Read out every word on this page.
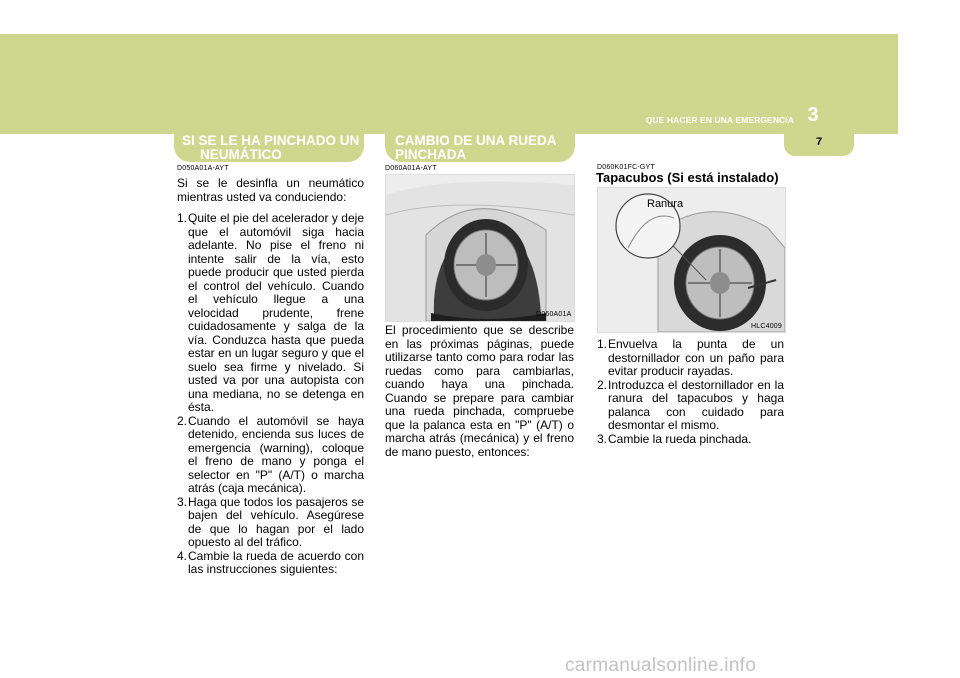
3
QUE HACER EN UNA EMERGENCIA
7
SI SE LE HA PINCHADO UN
NEUMÁTICO
D050A01A-AYT

Si se le desinfla un neumático mientras usted va conduciendo:

1. Quite el pie del acelerador y deje que el automóvil siga hacia adelante. No pise el freno ni intente salir de la vía, esto puede producir que usted pierda el control del vehículo. Cuando el vehículo llegue a una velocidad prudente, frene cuidadosamente y salga de la vía. Conduzca hasta que pueda estar en un lugar seguro y que el suelo sea firme y nivelado. Si usted va por una autopista con una mediana, no se detenga en ésta.
2. Cuando el automóvil se haya detenido, encienda sus luces de emergencia (warning), coloque el freno de mano y ponga el selector en "P" (A/T) o marcha atrás (caja mecánica).
3. Haga que todos los pasajeros se bajen del vehículo. Asegúrese de que lo hagan por el lado opuesto al del tráfico.
4. Cambie la rueda de acuerdo con las instrucciones siguientes:
CAMBIO DE UNA RUEDA
PINCHADA
D060A01A-AYT
D060A01A

El procedimiento que se describe en las próximas páginas, puede utilizarse tanto como para rodar las ruedas como para cambiarlas, cuando haya una pinchada. Cuando se prepare para cambiar una rueda pinchada, compruebe que la palanca esta en "P" (A/T) o marcha atrás (mecánica) y el freno de mano puesto, entonces:

D060K01FC-GYT
Tapacubos (Si está instalado)
Ranura
HLC4009
1. Envuelva la punta de un destornillador con un paño para evitar producir rayadas.
2. Introduzca el destornillador en la ranura del tapacubos y haga palanca con cuidado para desmontar el mismo.
3. Cambie la rueda pinchada.
carmanualsonline.info
